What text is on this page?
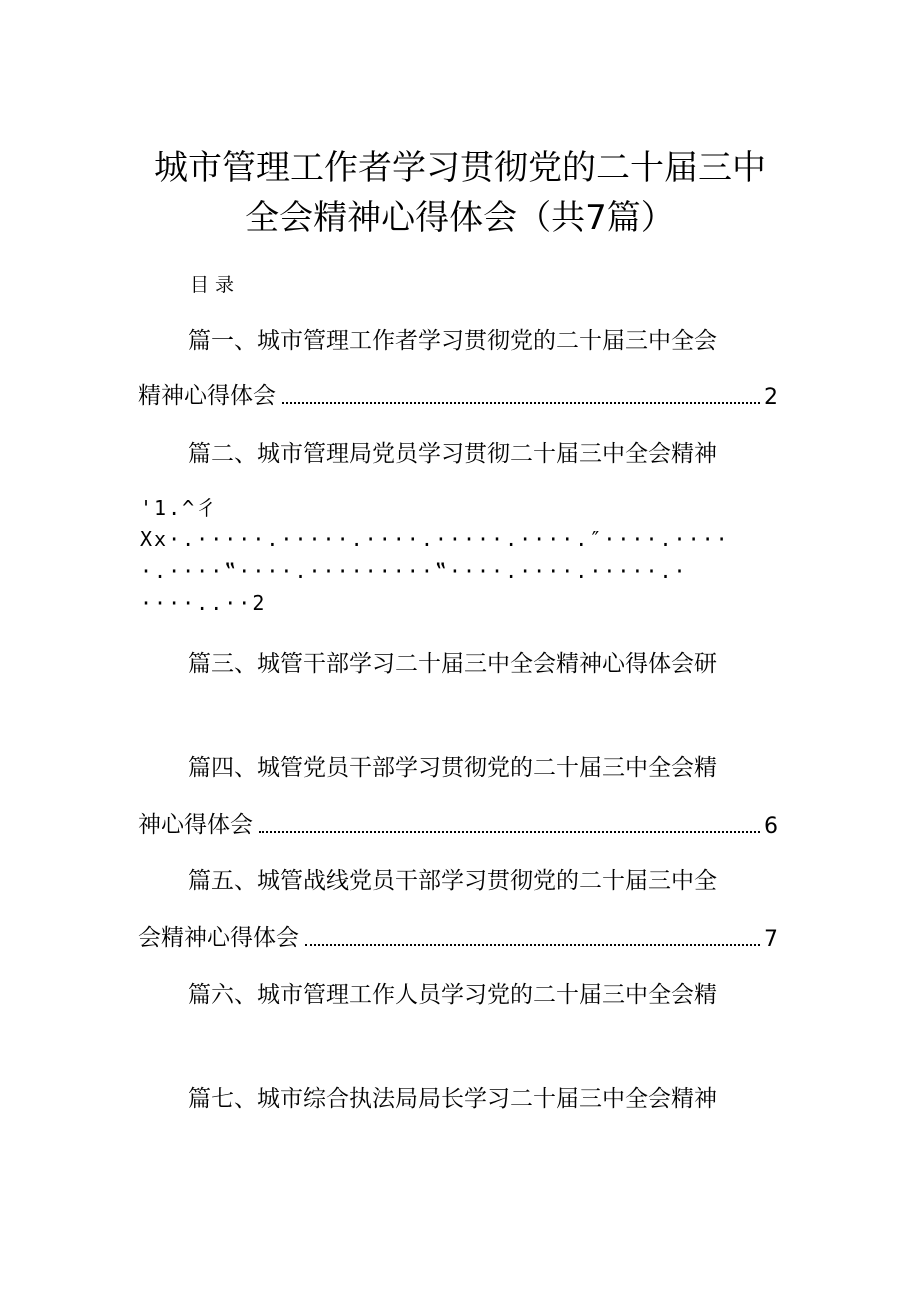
城市管理工作者学习贯彻党的二十届三中
全会精神心得体会（共7篇）
目录
篇一、城市管理工作者学习贯彻党的二十届三中全会
精神心得体会	2
篇二、城市管理局党员学习贯彻二十届三中全会精神
'1.^彳
Xx·.·····.·····.····.·····.····.″····.····
·.····‟····.·········‟····.····.·····.·
····..··2
篇三、城管干部学习二十届三中全会精神心得体会研
篇四、城管党员干部学习贯彻党的二十届三中全会精
神心得体会	6
篇五、城管战线党员干部学习贯彻党的二十届三中全
会精神心得体会	7
篇六、城市管理工作人员学习党的二十届三中全会精
篇七、城市综合执法局局长学习二十届三中全会精神
